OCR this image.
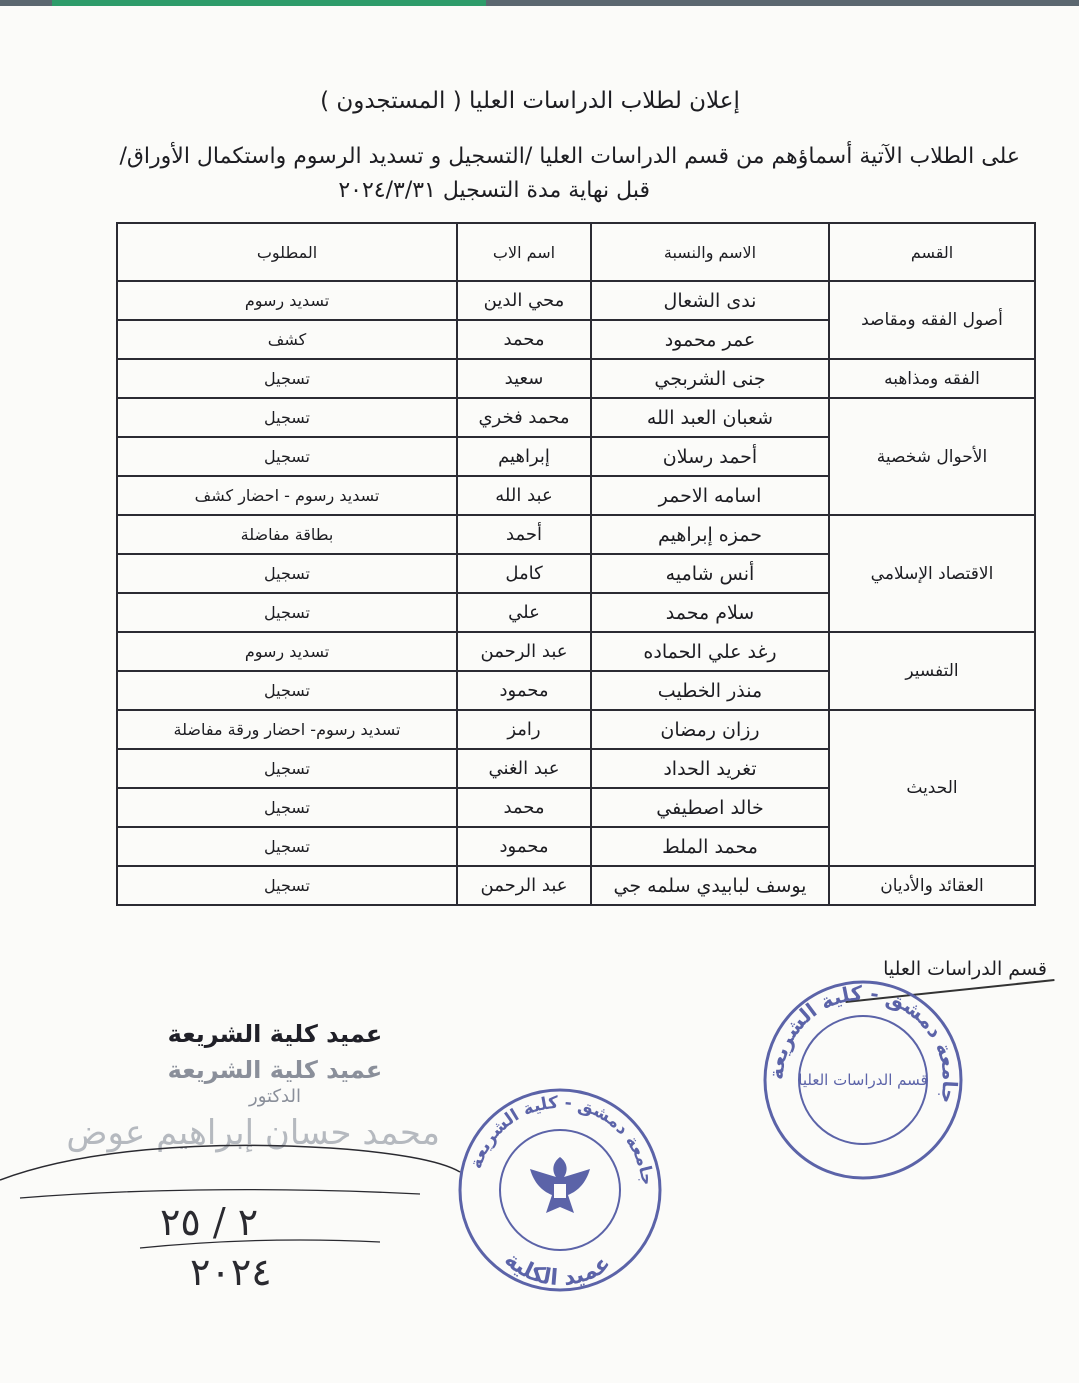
إعلان لطلاب الدراسات العليا ( المستجدون )
على الطلاب الآتية أسماؤهم من قسم الدراسات العليا /التسجيل و تسديد الرسوم واستكمال الأوراق/
قبل نهاية مدة التسجيل ٢٠٢٤/٣/٣١
القسم	الاسم والنسبة	اسم الاب	المطلوب
أصول الفقه ومقاصد	ندى الشعال	محي الدين	تسديد رسوم
	عمر محمود	محمد	كشف
الفقه ومذاهبه	جنى الشربجي	سعيد	تسجيل
الأحوال شخصية	شعبان العبد الله	محمد فخري	تسجيل
	أحمد رسلان	إبراهيم	تسجيل
	اسامه الاحمر	عبد الله	تسديد رسوم - احضار كشف
الاقتصاد الإسلامي	حمزه إبراهيم	أحمد	بطاقة مفاضلة
	أنس شاميه	كامل	تسجيل
	سلام محمد	علي	تسجيل
التفسير	رغد علي الحماده	عبد الرحمن	تسديد رسوم
	منذر الخطيب	محمود	تسجيل
الحديث	رزان رمضان	رامز	تسديد رسوم- احضار ورقة مفاضلة
	تغريد الحداد	عبد الغني	تسجيل
	خالد اصطيفي	محمد	تسجيل
	محمد الملط	محمود	تسجيل
العقائد والأديان	يوسف لبابيدي سلمه جي	عبد الرحمن	تسجيل
قسم الدراسات العليا
جامعة دمشق - كلية الشريعة
قسم الدراسات العليا
جامعة دمشق - كلية الشريعة
عميد الكلية
عميد كلية الشريعة
عميد كلية الشريعة
الدكتور
محمد حسان إبراهيم عوض
٢ / ٢٥
٢٠٢٤
